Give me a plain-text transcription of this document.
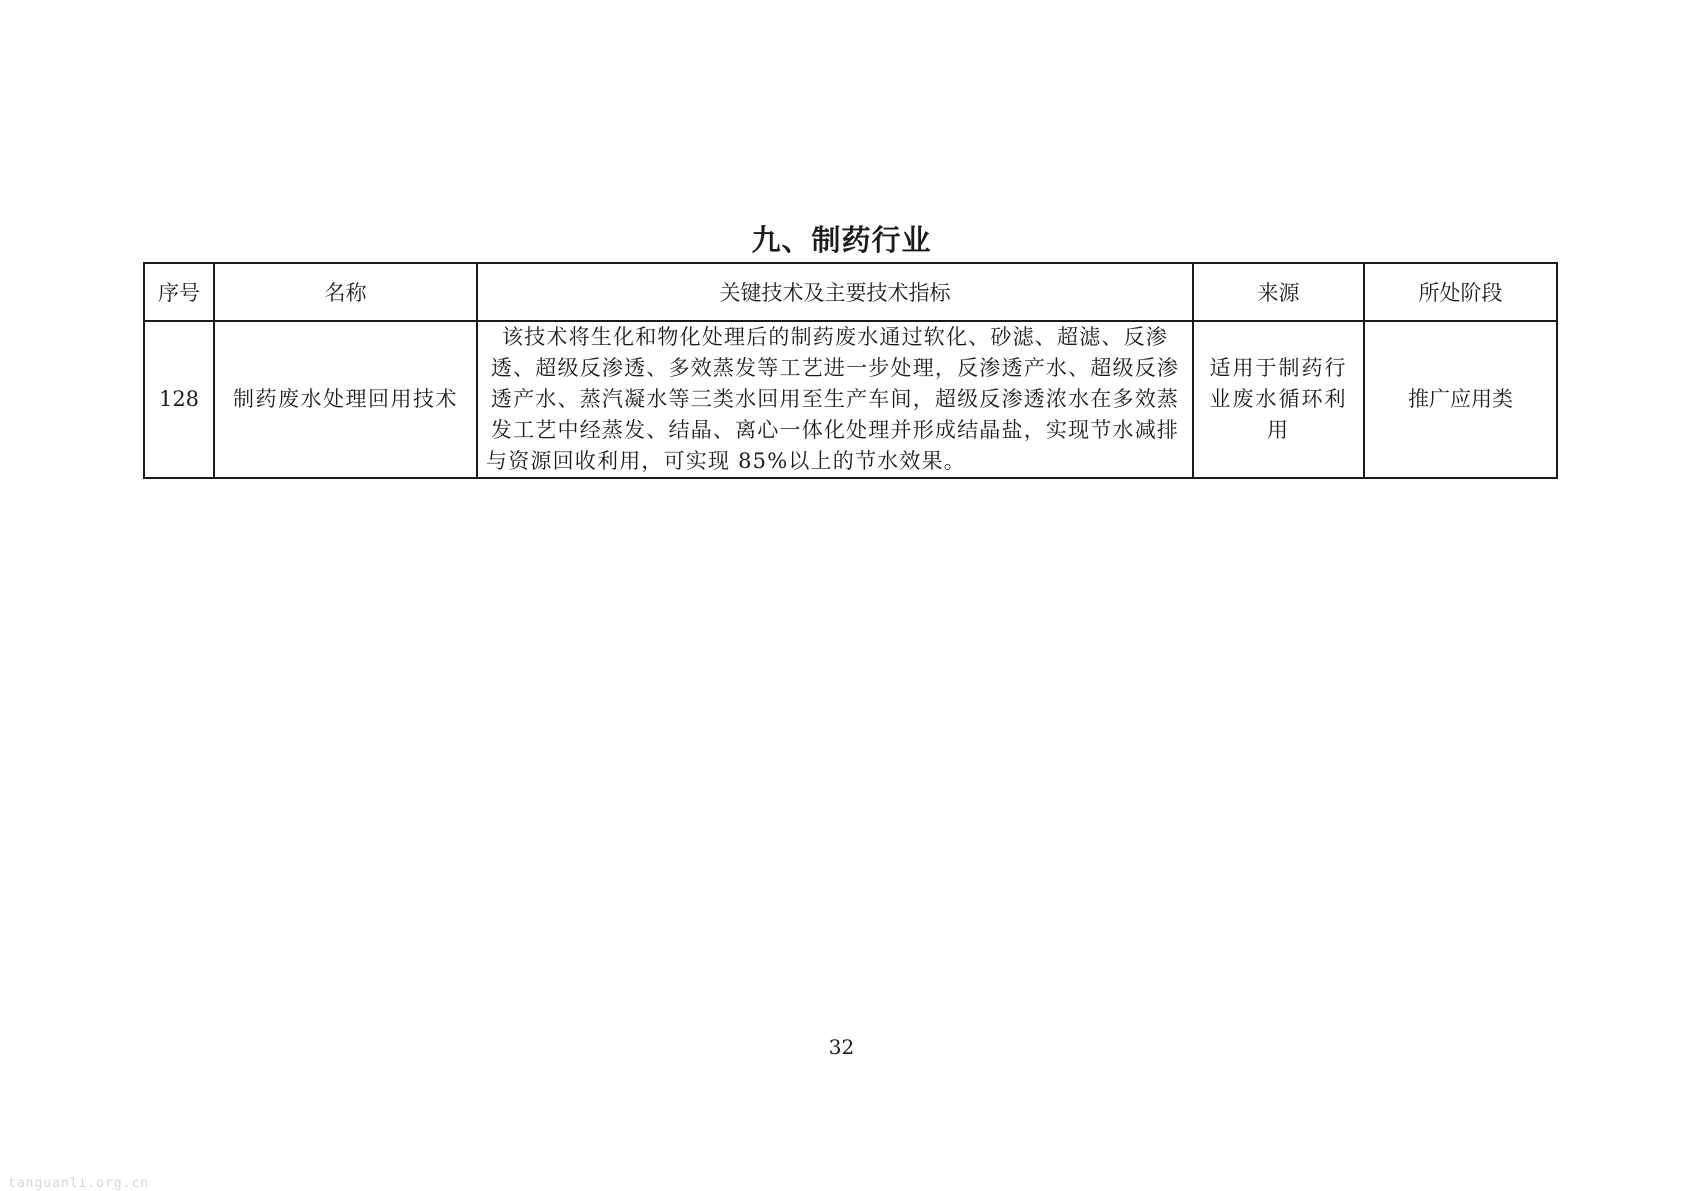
九、制药行业
序号	名称	关键技术及主要技术指标	来源	所处阶段
128	制药废水处理回用技术	该技术将生化和物化处理后的制药废水通过软化、砂滤、超滤、反渗透、超级反渗透、多效蒸发等工艺进一步处理，反渗透产水、超级反渗透产水、蒸汽凝水等三类水回用至生产车间，超级反渗透浓水在多效蒸发工艺中经蒸发、结晶、离心一体化处理并形成结晶盐，实现节水减排与资源回收利用，可实现 85%以上的节水效果。	适用于制药行业废水循环利用	推广应用类
32
tanguanli.org.cn
